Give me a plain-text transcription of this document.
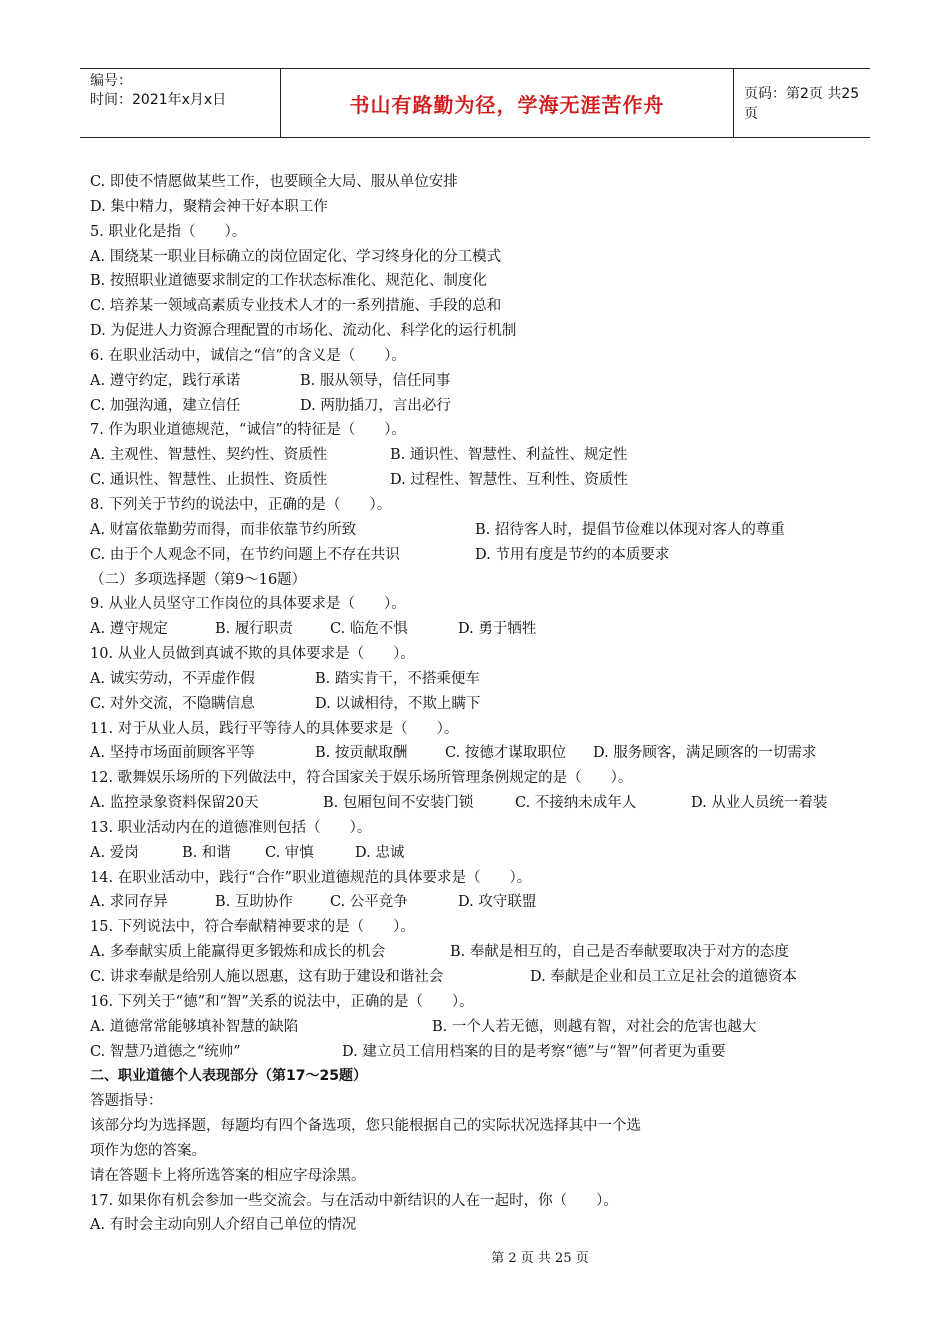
编号：
时间：2021年x月x日	书山有路勤为径，学海无涯苦作舟	页码：第2页 共25页
C. 即使不情愿做某些工作，也要顾全大局、服从单位安排
D. 集中精力，聚精会神干好本职工作
5. 职业化是指（　　）。
A. 围绕某一职业目标确立的岗位固定化、学习终身化的分工模式
B. 按照职业道德要求制定的工作状态标准化、规范化、制度化
C. 培养某一领域高素质专业技术人才的一系列措施、手段的总和
D. 为促进人力资源合理配置的市场化、流动化、科学化的运行机制
6. 在职业活动中，诚信之“信”的含义是（　　）。
A. 遵守约定，践行承诺	B. 服从领导，信任同事
C. 加强沟通，建立信任	D. 两肋插刀，言出必行
7. 作为职业道德规范，“诚信”的特征是（　　）。
A. 主观性、智慧性、契约性、资质性	B. 通识性、智慧性、利益性、规定性
C. 通识性、智慧性、止损性、资质性	D. 过程性、智慧性、互利性、资质性
8. 下列关于节约的说法中，正确的是（　　）。
A. 财富依靠勤劳而得，而非依靠节约所致	B. 招待客人时，提倡节俭难以体现对客人的尊重
C. 由于个人观念不同，在节约问题上不存在共识	D. 节用有度是节约的本质要求
（二）多项选择题（第9～16题）
9. 从业人员坚守工作岗位的具体要求是（　　）。
A. 遵守规定	B. 履行职责	C. 临危不惧	D. 勇于牺牲
10. 从业人员做到真诚不欺的具体要求是（　　）。
A. 诚实劳动，不弄虚作假	B. 踏实肯干，不搭乘便车
C. 对外交流，不隐瞒信息	D. 以诚相待，不欺上瞒下
11. 对于从业人员，践行平等待人的具体要求是（　　）。
A. 坚持市场面前顾客平等	B. 按贡献取酬	C. 按德才谋取职位 D. 服务顾客，满足顾客的一切需求
12. 歌舞娱乐场所的下列做法中，符合国家关于娱乐场所管理条例规定的是（　　）。
A. 监控录象资料保留20天	B. 包厢包间不安装门锁	C. 不接纳未成年人	D. 从业人员统一着装
13. 职业活动内在的道德准则包括（　　）。
A. 爱岗	B. 和谐 C. 审慎	D. 忠诚
14. 在职业活动中，践行“合作”职业道德规范的具体要求是（　　）。
A. 求同存异	B. 互助协作	C. 公平竞争	D. 攻守联盟
15. 下列说法中，符合奉献精神要求的是（　　）。
A. 多奉献实质上能赢得更多锻炼和成长的机会	B. 奉献是相互的，自己是否奉献要取决于对方的态度
C. 讲求奉献是给别人施以恩惠，这有助于建设和谐社会	D. 奉献是企业和员工立足社会的道德资本
16. 下列关于“德”和“智”关系的说法中，正确的是（　　）。
A. 道德常常能够填补智慧的缺陷	B. 一个人若无德，则越有智，对社会的危害也越大
C. 智慧乃道德之“统帅”	D. 建立员工信用档案的目的是考察“德”与“智”何者更为重要
二、职业道德个人表现部分（第17～25题）
答题指导：
该部分均为选择题，每题均有四个备选项，您只能根据自己的实际状况选择其中一个选
项作为您的答案。
请在答题卡上将所选答案的相应字母涂黑。
17. 如果你有机会参加一些交流会。与在活动中新结识的人在一起时，你（　　）。
A. 有时会主动向别人介绍自己单位的情况
第 2 页 共 25 页
